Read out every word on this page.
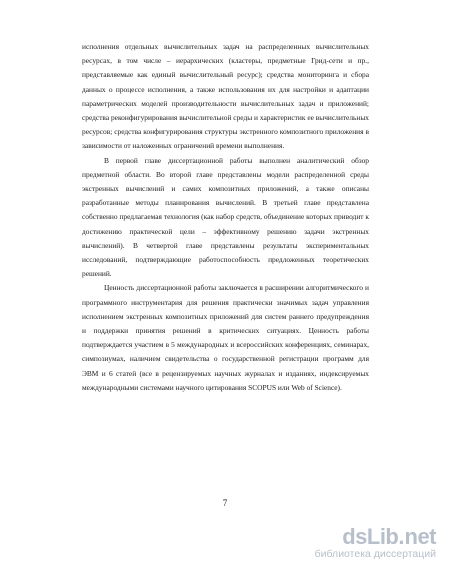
исполнения отдельных вычислительных задач на распределенных вычислительных ресурсах, в том числе – иерархических (кластеры, предметные Грид-сети и пр., представляемые как единый вычислительный ресурс); средства мониторинга и сбора данных о процессе исполнения, а также использования их для настройки и адаптации параметрических моделей производительности вычислительных задач и приложений; средства реконфигурирования вычислительной среды и характеристик ее вычислительных ресурсов; средства конфигурирования структуры экстренного композитного приложения в зависимости от наложенных ограничений времени выполнения.

В первой главе диссертационной работы выполнен аналитический обзор предметной области. Во второй главе представлены модели распределенной среды экстренных вычислений и самих композитных приложений, а также описаны разработанные методы планирования вычислений. В третьей главе представлена собственно предлагаемая технология (как набор средств, объединение которых приводит к достижению практической цели – эффективному решению задачи экстренных вычислений). В четвертой главе представлены результаты экспериментальных исследований, подтверждающие работоспособность предложенных теоретических решений.

Ценность диссертационной работы заключается в расширении алгоритмического и программного инструментария для решения практически значимых задач управления исполнением экстренных композитных приложений для систем раннего предупреждения и поддержки принятия решений в критических ситуациях. Ценность работы подтверждается участием в 5 международных и всероссийских конференциях, семинарах, симпозиумах, наличием свидетельства о государственной регистрации программ для ЭВМ и 6 статей (все в рецензируемых научных журналах и изданиях, индексируемых международными системами научного цитирования SCOPUS или Web of Science).

7
ds Lib . net
библиотека диссертаций
